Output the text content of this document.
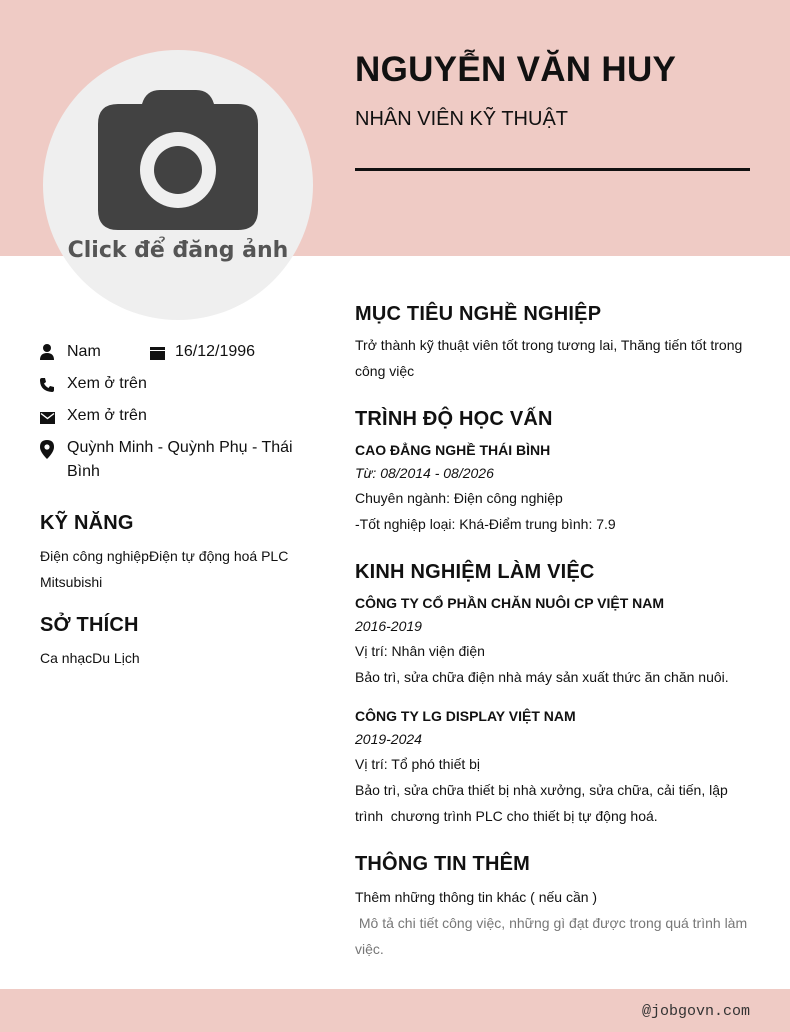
Click để đăng ảnh
NGUYỄN VĂN HUY
NHÂN VIÊN KỸ THUẬT
Nam	16/12/1996
Xem ở trên
Xem ở trên
Quỳnh Minh - Quỳnh Phụ - Thái Bình
KỸ NĂNG
Điện công nghiệpĐiện tự động hoá PLC Mitsubishi
SỞ THÍCH
Ca nhạcDu Lịch
MỤC TIÊU NGHỀ NGHIỆP
Trở thành kỹ thuật viên tốt trong tương lai, Thăng tiến tốt trong công việc
TRÌNH ĐỘ HỌC VẤN
CAO ĐẲNG NGHỀ THÁI BÌNH
Từ: 08/2014 - 08/2026
Chuyên ngành: Điện công nghiệp
-Tốt nghiệp loại: Khá-Điểm trung bình: 7.9
KINH NGHIỆM LÀM VIỆC
CÔNG TY CỔ PHẦN CHĂN NUÔI CP VIỆT NAM
2016-2019
Vị trí: Nhân viện điện
Bảo trì, sửa chữa điện nhà máy sản xuất thức ăn chăn nuôi.
CÔNG TY LG DISPLAY VIỆT NAM
2019-2024
Vị trí: Tổ phó thiết bị
Bảo trì, sửa chữa thiết bị nhà xưởng, sửa chữa, cải tiến, lập trình  chương trình PLC cho thiết bị tự động hoá.
THÔNG TIN THÊM
Thêm những thông tin khác ( nếu cần )
Mô tả chi tiết công việc, những gì đạt được trong quá trình làm việc.
@jobgovn.com
